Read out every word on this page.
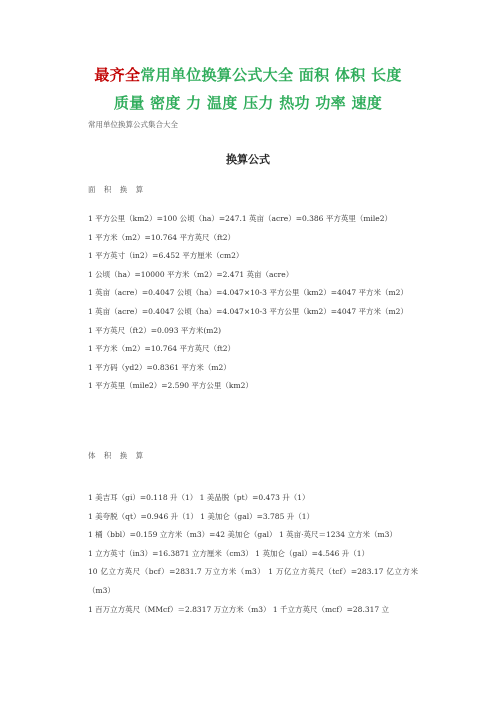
最齐全常用单位换算公式大全 面积 体积 长度
质量 密度 力 温度 压力 热功 功率 速度
常用单位换算公式集合大全
换算公式
面 积 换 算
1 平方公里（km2）=100 公顷（ha）=247.1 英亩（acre）=0.386 平方英里（mile2）
1 平方米（m2）=10.764 平方英尺（ft2）
1 平方英寸（in2）=6.452 平方厘米（cm2）
1 公顷（ha）=10000 平方米（m2）=2.471 英亩（acre）
1 英亩（acre）=0.4047 公顷（ha）=4.047×10-3 平方公里（km2）=4047 平方米（m2）
1 英亩（acre）=0.4047 公顷（ha）=4.047×10-3 平方公里（km2）=4047 平方米（m2）
1 平方英尺（ft2）=0.093 平方米(m2)
1 平方米（m2）=10.764 平方英尺（ft2）
1 平方码（yd2）=0.8361 平方米（m2）
1 平方英里（mile2）=2.590 平方公里（km2）
体 积 换 算
1 美吉耳（gi）=0.118 升（1） 1 美品脱（pt）=0.473 升（1）
1 美夸脱（qt）=0.946 升（1） 1 美加仑（gal）=3.785 升（1）
1 桶（bbl）=0.159 立方米（m3）=42 美加仑（gal） 1 英亩·英尺＝1234 立方米（m3）
1 立方英寸（in3）=16.3871 立方厘米（cm3） 1 英加仑（gal）=4.546 升（1）
10 亿立方英尺（bcf）=2831.7 万立方米（m3） 1 万亿立方英尺（tcf）=283.17 亿立方米（m3）
1 百万立方英尺（MMcf）＝2.8317 万立方米（m3） 1 千立方英尺（mcf）=28.317 立
